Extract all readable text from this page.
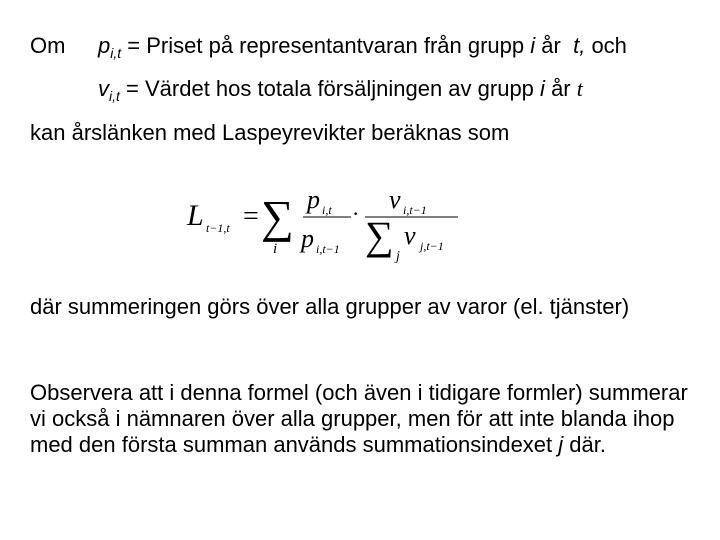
Om $p_{i,t}$ = Priset på representantvaran från grupp i år t, och
$v_{i,t}$ = Värdet hos totala försäljningen av grupp i år t
kan årslänken med Laspeyrevikter beräknas som
L t−1,t = ∑
i
p i,t
p i,t−1
· v i,t−1
∑ j
v j,t−1
där summeringen görs över alla grupper av varor (el. tjänster)
Observera att i denna formel (och även i tidigare formler) summerar vi också i nämnaren över alla grupper, men för att inte blanda ihop med den första summan används summationsindexet j där.
